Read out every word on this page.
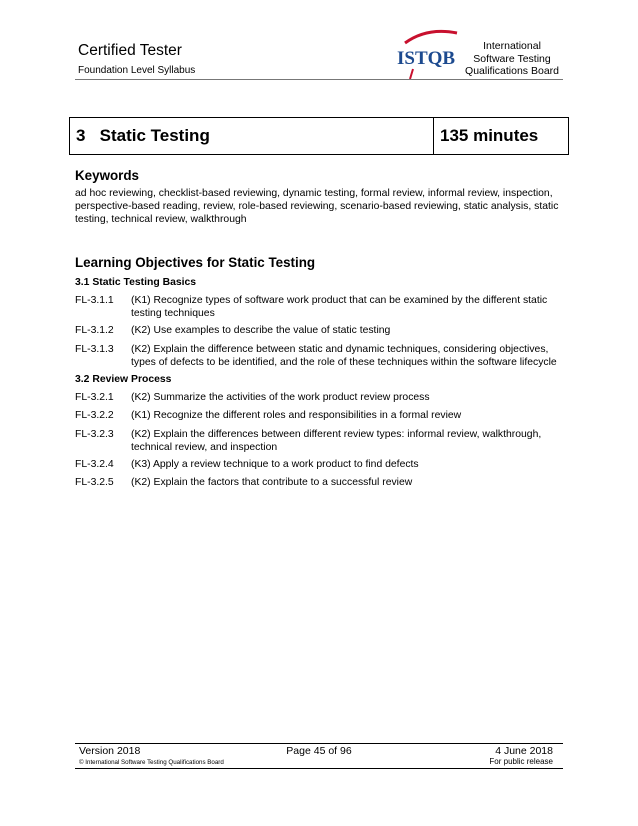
Certified Tester
Foundation Level Syllabus
ISTQB
International
Software Testing
Qualifications Board
3   Static Testing	135 minutes
Keywords
ad hoc reviewing, checklist-based reviewing, dynamic testing, formal review, informal review, inspection, perspective-based reading, review, role-based reviewing, scenario-based reviewing, static analysis, static testing, technical review, walkthrough
Learning Objectives for Static Testing
3.1 Static Testing Basics
FL-3.1.1 (K1) Recognize types of software work product that can be examined by the different static testing techniques
FL-3.1.2 (K2) Use examples to describe the value of static testing
FL-3.1.3 (K2) Explain the difference between static and dynamic techniques, considering objectives, types of defects to be identified, and the role of these techniques within the software lifecycle
3.2 Review Process
FL-3.2.1 (K2) Summarize the activities of the work product review process
FL-3.2.2 (K1) Recognize the different roles and responsibilities in a formal review
FL-3.2.3 (K2) Explain the differences between different review types: informal review, walkthrough, technical review, and inspection
FL-3.2.4 (K3) Apply a review technique to a work product to find defects
FL-3.2.5 (K2) Explain the factors that contribute to a successful review
Version 2018	Page 45 of 96	4 June 2018
© International Software Testing Qualifications Board	For public release
